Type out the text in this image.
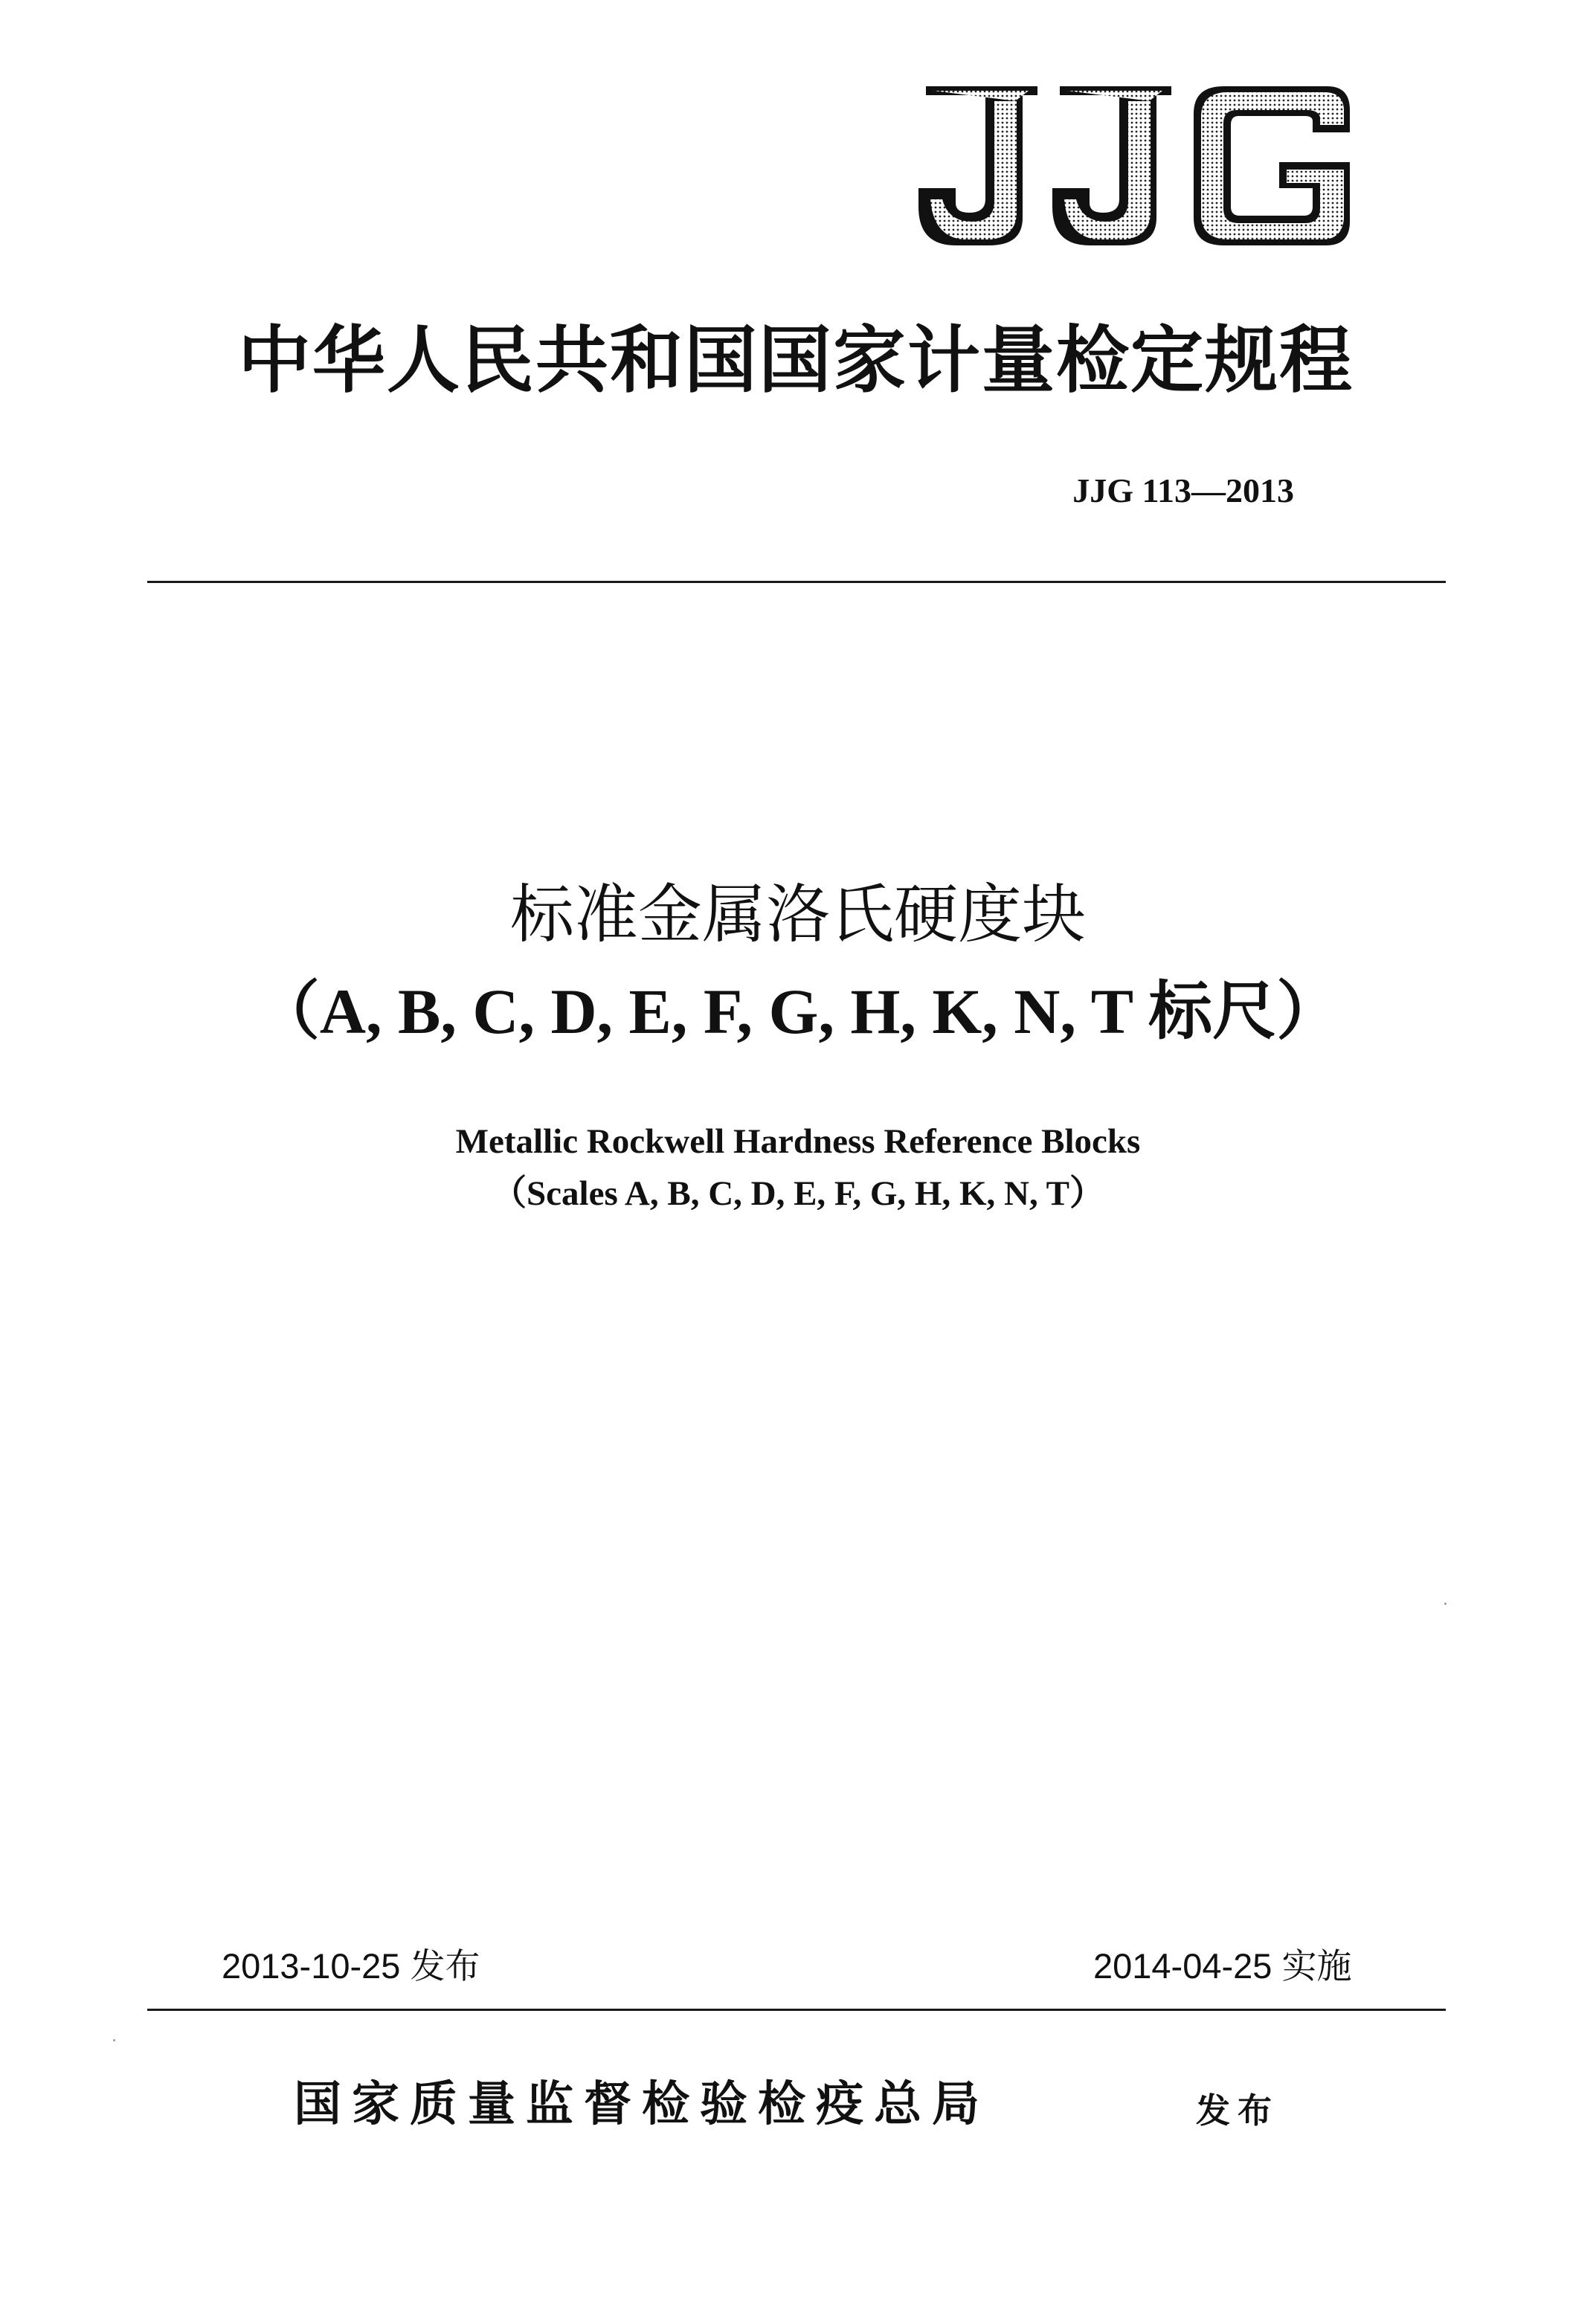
中华人民共和国国家计量检定规程
JJG 113—2013
标准金属洛氏硬度块
（A, B, C, D, E, F, G, H, K, N, T 标尺）
Metallic Rockwell Hardness Reference Blocks
（Scales A, B, C, D, E, F, G, H, K, N, T）
2013-10-25 发布	2014-04-25 实施
国家质量监督检验检疫总局	发布
